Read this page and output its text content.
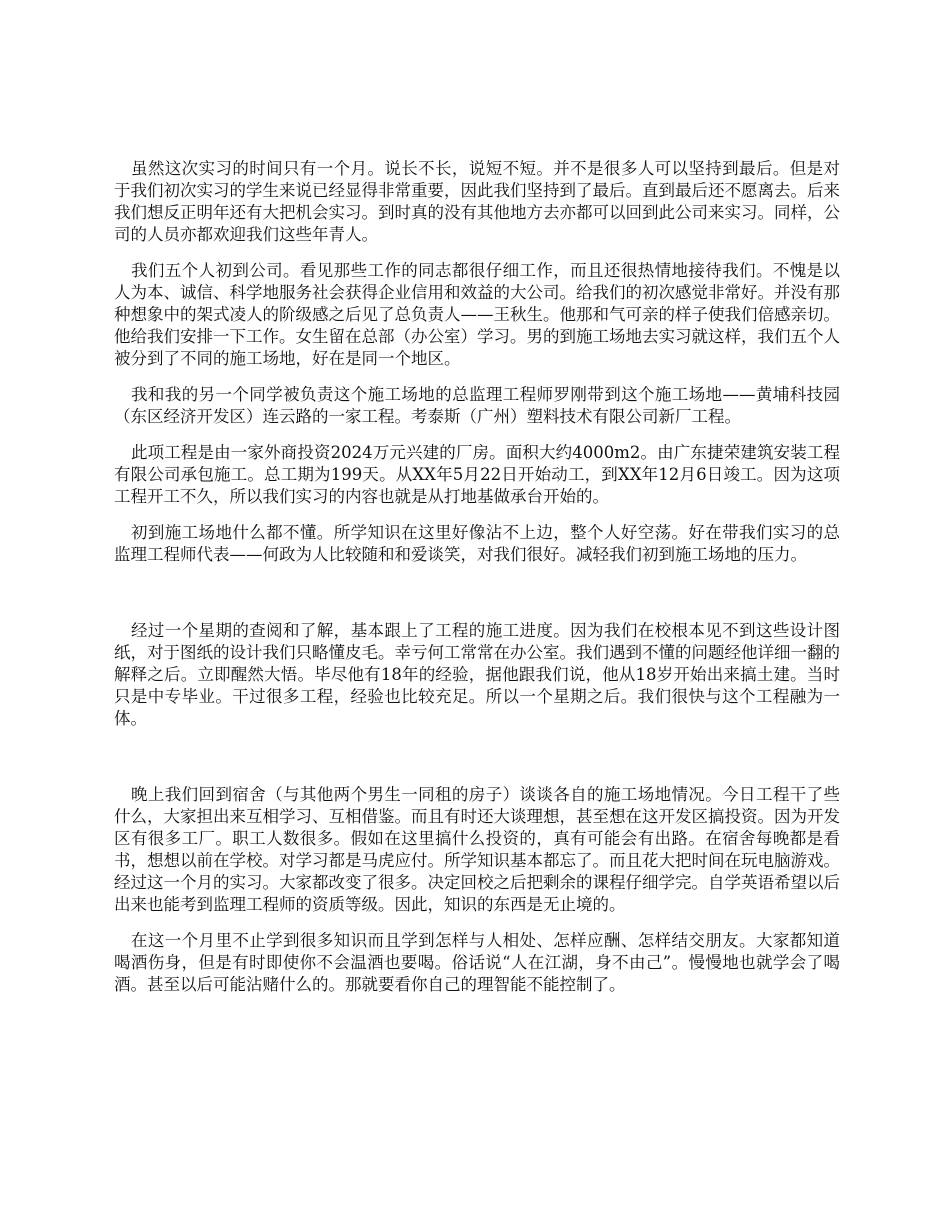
虽然这次实习的时间只有一个月。说长不长，说短不短。并不是很多人可以坚持到最后。但是对于我们初次实习的学生来说已经显得非常重要，因此我们坚持到了最后。直到最后还不愿离去。后来我们想反正明年还有大把机会实习。到时真的没有其他地方去亦都可以回到此公司来实习。同样，公司的人员亦都欢迎我们这些年青人。

我们五个人初到公司。看见那些工作的同志都很仔细工作，而且还很热情地接待我们。不愧是以人为本、诚信、科学地服务社会获得企业信用和效益的大公司。给我们的初次感觉非常好。并没有那种想象中的架式凌人的阶级感之后见了总负责人——王秋生。他那和气可亲的样子使我们倍感亲切。他给我们安排一下工作。女生留在总部（办公室）学习。男的到施工场地去实习就这样，我们五个人被分到了不同的施工场地，好在是同一个地区。

我和我的另一个同学被负责这个施工场地的总监理工程师罗刚带到这个施工场地——黄埔科技园（东区经济开发区）连云路的一家工程。考泰斯（广州）塑料技术有限公司新厂工程。

此项工程是由一家外商投资2024万元兴建的厂房。面积大约4000m2。由广东捷荣建筑安装工程有限公司承包施工。总工期为199天。从XX年5月22日开始动工，到XX年12月6日竣工。因为这项工程开工不久，所以我们实习的内容也就是从打地基做承台开始的。

初到施工场地什么都不懂。所学知识在这里好像沾不上边，整个人好空荡。好在带我们实习的总监理工程师代表——何政为人比较随和和爱谈笑，对我们很好。减轻我们初到施工场地的压力。

经过一个星期的查阅和了解，基本跟上了工程的施工进度。因为我们在校根本见不到这些设计图纸，对于图纸的设计我们只略懂皮毛。幸亏何工常常在办公室。我们遇到不懂的问题经他详细一翻的解释之后。立即醒然大悟。毕尽他有18年的经验，据他跟我们说，他从18岁开始出来搞土建。当时只是中专毕业。干过很多工程，经验也比较充足。所以一个星期之后。我们很快与这个工程融为一体。

晚上我们回到宿舍（与其他两个男生一同租的房子）谈谈各自的施工场地情况。今日工程干了些什么，大家担出来互相学习、互相借鉴。而且有时还大谈理想，甚至想在这开发区搞投资。因为开发区有很多工厂。职工人数很多。假如在这里搞什么投资的，真有可能会有出路。在宿舍每晚都是看书，想想以前在学校。对学习都是马虎应付。所学知识基本都忘了。而且花大把时间在玩电脑游戏。经过这一个月的实习。大家都改变了很多。决定回校之后把剩余的课程仔细学完。自学英语希望以后出来也能考到监理工程师的资质等级。因此，知识的东西是无止境的。

在这一个月里不止学到很多知识而且学到怎样与人相处、怎样应酬、怎样结交朋友。大家都知道喝酒伤身，但是有时即使你不会温酒也要喝。俗话说“人在江湖，身不由己”。慢慢地也就学会了喝酒。甚至以后可能沾赌什么的。那就要看你自己的理智能不能控制了。
